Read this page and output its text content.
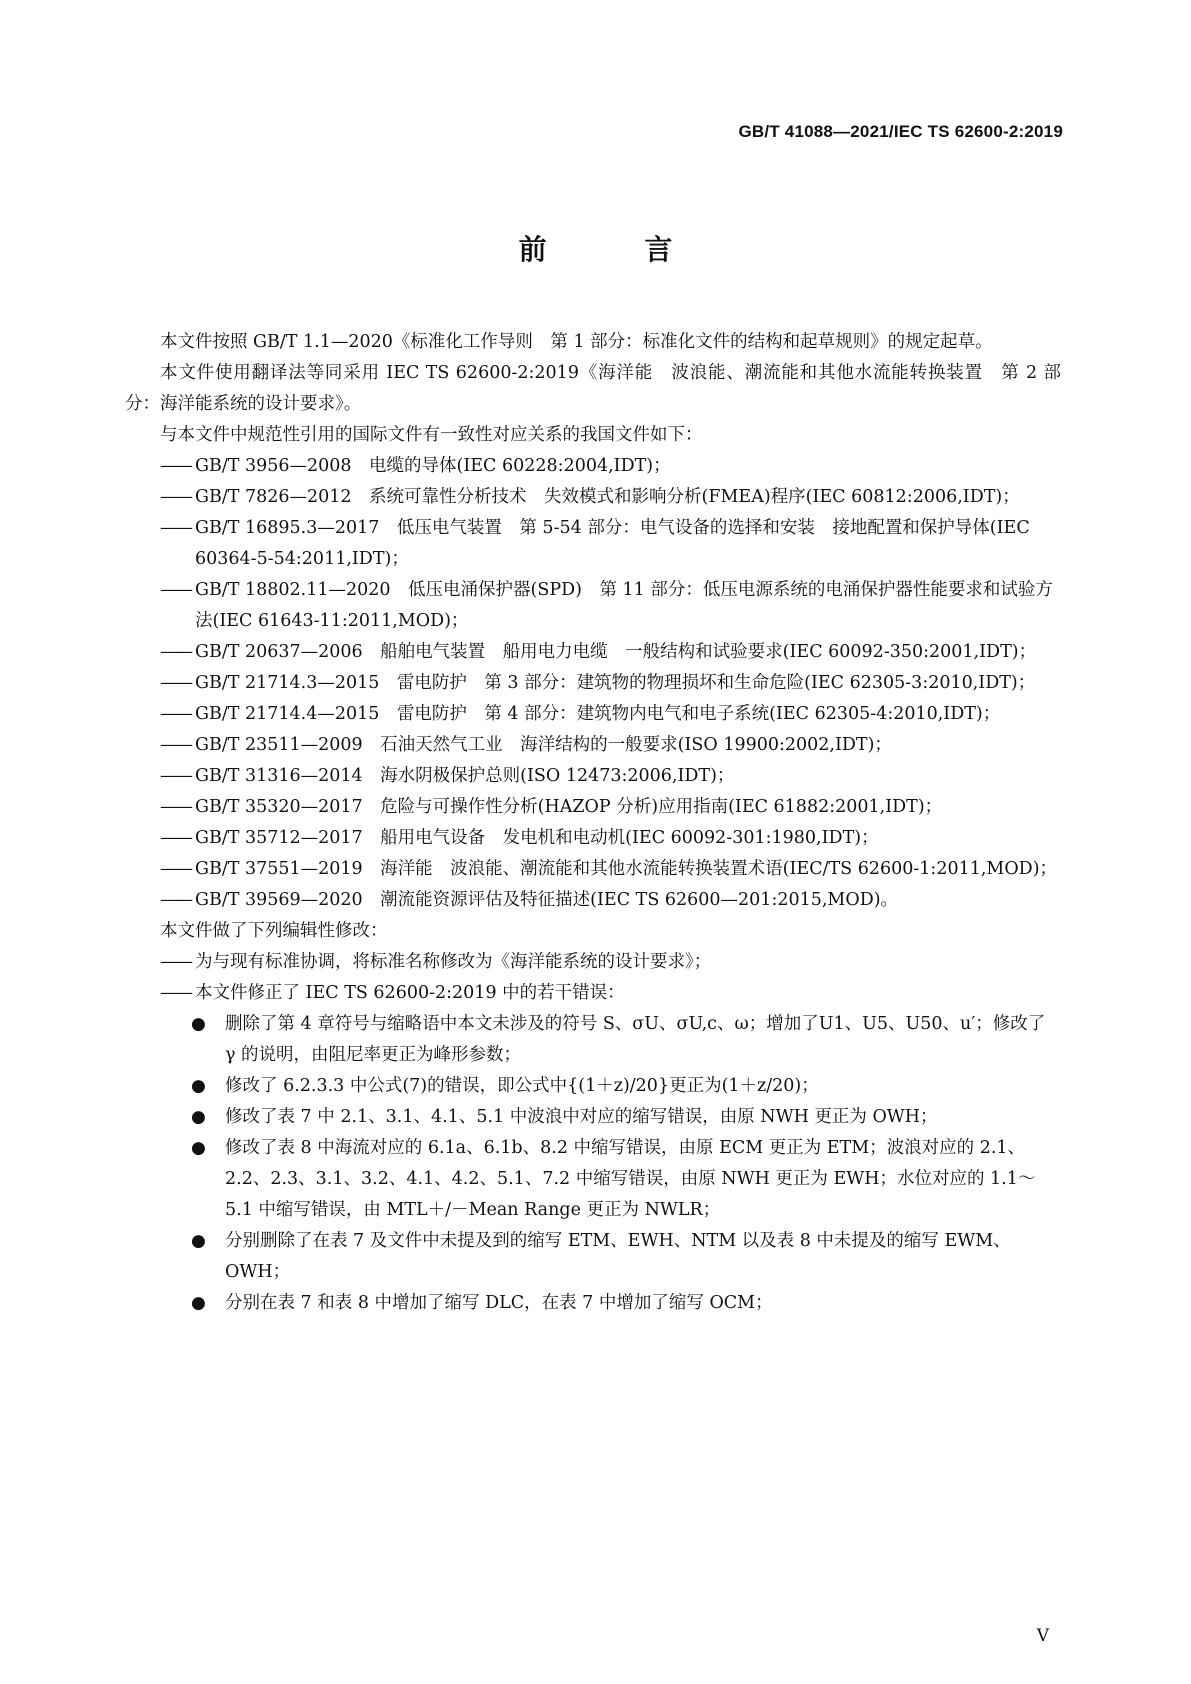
GB/T 41088—2021/IEC TS 62600-2:2019
前 言

本文件按照 GB/T 1.1—2020《标准化工作导则　第 1 部分：标准化文件的结构和起草规则》的规定起草。

本文件使用翻译法等同采用 IEC TS 62600-2:2019《海洋能　波浪能、潮流能和其他水流能转换装置　第 2 部分：海洋能系统的设计要求》。

与本文件中规范性引用的国际文件有一致性对应关系的我国文件如下：

—— GB/T 3956—2008　电缆的导体(IEC 60228:2004,IDT)；

—— GB/T 7826—2012　系统可靠性分析技术　失效模式和影响分析(FMEA)程序(IEC 60812:2006,IDT)；

—— GB/T 16895.3—2017　低压电气装置　第 5-54 部分：电气设备的选择和安装　接地配置和保护导体(IEC 60364-5-54:2011,IDT)；

—— GB/T 18802.11—2020　低压电涌保护器(SPD)　第 11 部分：低压电源系统的电涌保护器性能要求和试验方法(IEC 61643-11:2011,MOD)；

—— GB/T 20637—2006　船舶电气装置　船用电力电缆　一般结构和试验要求(IEC 60092-350:2001,IDT)；

—— GB/T 21714.3—2015　雷电防护　第 3 部分：建筑物的物理损坏和生命危险(IEC 62305-3:2010,IDT)；

—— GB/T 21714.4—2015　雷电防护　第 4 部分：建筑物内电气和电子系统(IEC 62305-4:2010,IDT)；

—— GB/T 23511—2009　石油天然气工业　海洋结构的一般要求(ISO 19900:2002,IDT)；

—— GB/T 31316—2014　海水阴极保护总则(ISO 12473:2006,IDT)；

—— GB/T 35320—2017　危险与可操作性分析(HAZOP 分析)应用指南(IEC 61882:2001,IDT)；

—— GB/T 35712—2017　船用电气设备　发电机和电动机(IEC 60092-301:1980,IDT)；

—— GB/T 37551—2019　海洋能　波浪能、潮流能和其他水流能转换装置术语(IEC/TS 62600-1:2011,MOD)；

—— GB/T 39569—2020　潮流能资源评估及特征描述(IEC TS 62600—201:2015,MOD)。

本文件做了下列编辑性修改：

—— 为与现有标准协调，将标准名称修改为《海洋能系统的设计要求》；

—— 本文件修正了 IEC TS 62600-2:2019 中的若干错误：

● 删除了第 4 章符号与缩略语中本文未涉及的符号 S、σU、σU,c、ω；增加了U1、U5、U50、u′；修改了 γ 的说明，由阻尼率更正为峰形参数；

● 修改了 6.2.3.3 中公式(7)的错误，即公式中{(1＋z)/20}更正为(1＋z/20)；

● 修改了表 7 中 2.1、3.1、4.1、5.1 中波浪中对应的缩写错误，由原 NWH 更正为 OWH；

● 修改了表 8 中海流对应的 6.1a、6.1b、8.2 中缩写错误，由原 ECM 更正为 ETM；波浪对应的 2.1、2.2、2.3、3.1、3.2、4.1、4.2、5.1、7.2 中缩写错误，由原 NWH 更正为 EWH；水位对应的 1.1～5.1 中缩写错误，由 MTL＋/－Mean Range 更正为 NWLR；

● 分别删除了在表 7 及文件中未提及到的缩写 ETM、EWH、NTM 以及表 8 中未提及的缩写 EWM、OWH；

● 分别在表 7 和表 8 中增加了缩写 DLC，在表 7 中增加了缩写 OCM；

V
